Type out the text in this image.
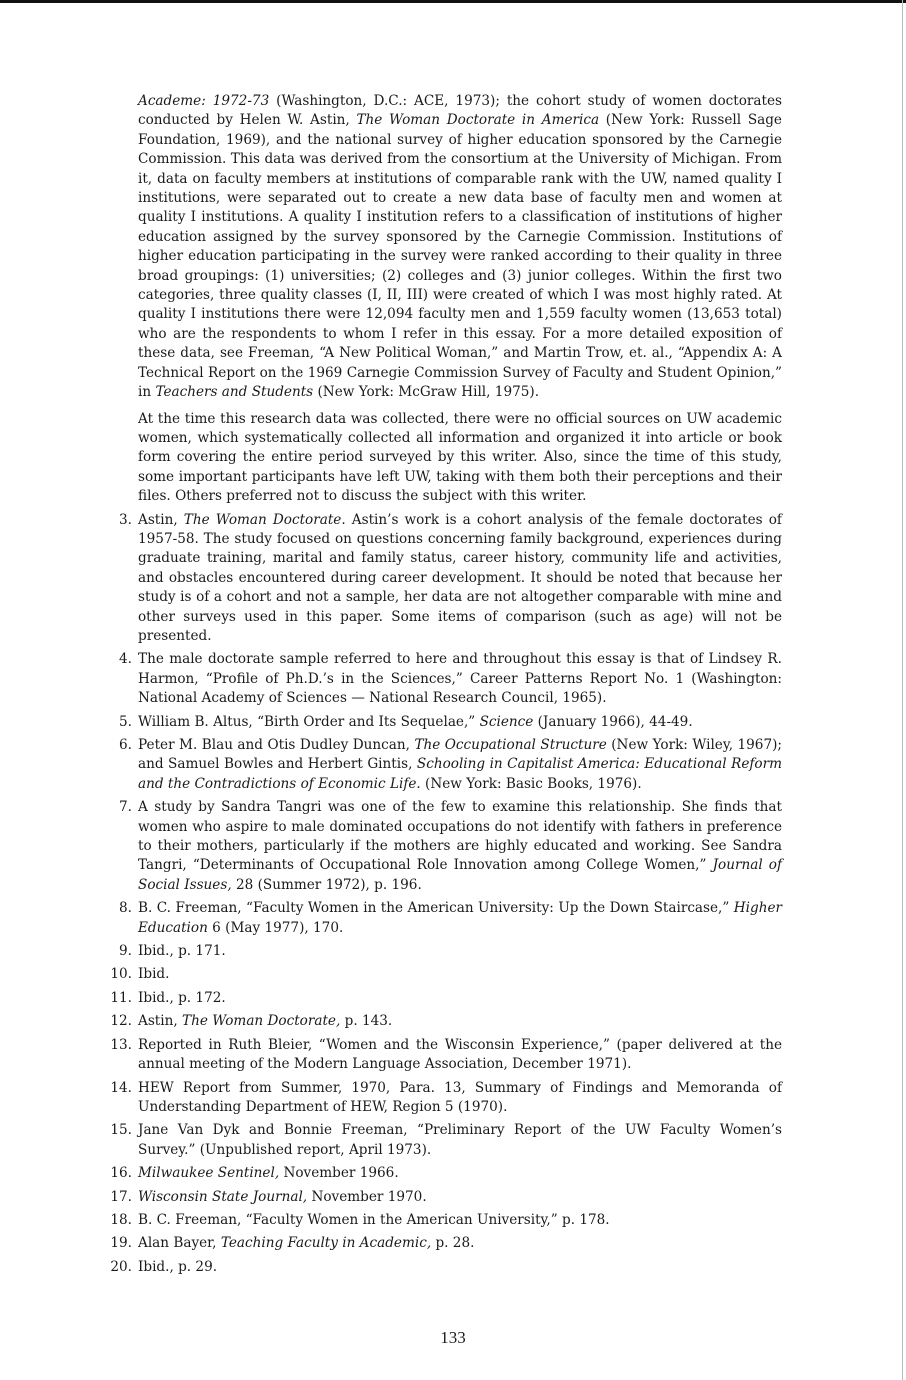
Academe: 1972-73 (Washington, D.C.: ACE, 1973); the cohort study of women doctorates conducted by Helen W. Astin, The Woman Doctorate in America (New York: Russell Sage Foundation, 1969), and the national survey of higher education sponsored by the Carnegie Commission. This data was derived from the consortium at the University of Michigan. From it, data on faculty members at institutions of comparable rank with the UW, named quality I institutions, were separated out to create a new data base of faculty men and women at quality I institutions. A quality I institution refers to a classification of institutions of higher education assigned by the survey sponsored by the Carnegie Commission. Institutions of higher education participating in the survey were ranked according to their quality in three broad groupings: (1) universities; (2) colleges and (3) junior colleges. Within the first two categories, three quality classes (I, II, III) were created of which I was most highly rated. At quality I institutions there were 12,094 faculty men and 1,559 faculty women (13,653 total) who are the respondents to whom I refer in this essay. For a more detailed exposition of these data, see Freeman, “A New Political Woman,” and Martin Trow, et. al., “Appendix A: A Technical Report on the 1969 Carnegie Commission Survey of Faculty and Student Opinion,” in Teachers and Students (New York: McGraw Hill, 1975).

At the time this research data was collected, there were no official sources on UW academic women, which systematically collected all information and organized it into article or book form covering the entire period surveyed by this writer. Also, since the time of this study, some important participants have left UW, taking with them both their perceptions and their files. Others preferred not to discuss the subject with this writer.

3. Astin, The Woman Doctorate. Astin’s work is a cohort analysis of the female doctorates of 1957-58. The study focused on questions concerning family background, experiences during graduate training, marital and family status, career history, community life and activities, and obstacles encountered during career development. It should be noted that because her study is of a cohort and not a sample, her data are not altogether comparable with mine and other surveys used in this paper. Some items of comparison (such as age) will not be presented.
4. The male doctorate sample referred to here and throughout this essay is that of Lindsey R. Harmon, “Profile of Ph.D.’s in the Sciences,” Career Patterns Report No. 1 (Washington: National Academy of Sciences — National Research Council, 1965).
5. William B. Altus, “Birth Order and Its Sequelae,” Science (January 1966), 44-49.
6. Peter M. Blau and Otis Dudley Duncan, The Occupational Structure (New York: Wiley, 1967); and Samuel Bowles and Herbert Gintis, Schooling in Capitalist America: Educational Reform and the Contradictions of Economic Life. (New York: Basic Books, 1976).
7. A study by Sandra Tangri was one of the few to examine this relationship. She finds that women who aspire to male dominated occupations do not identify with fathers in preference to their mothers, particularly if the mothers are highly educated and working. See Sandra Tangri, “Determinants of Occupational Role Innovation among College Women,” Journal of Social Issues, 28 (Summer 1972), p. 196.
8. B. C. Freeman, “Faculty Women in the American University: Up the Down Staircase,” Higher Education 6 (May 1977), 170.
9. Ibid., p. 171.
10. Ibid.
11. Ibid., p. 172.
12. Astin, The Woman Doctorate, p. 143.
13. Reported in Ruth Bleier, “Women and the Wisconsin Experience,” (paper delivered at the annual meeting of the Modern Language Association, December 1971).
14. HEW Report from Summer, 1970, Para. 13, Summary of Findings and Memoranda of Understanding Department of HEW, Region 5 (1970).
15. Jane Van Dyk and Bonnie Freeman, “Preliminary Report of the UW Faculty Women’s Survey.” (Unpublished report, April 1973).
16. Milwaukee Sentinel, November 1966.
17. Wisconsin State Journal, November 1970.
18. B. C. Freeman, “Faculty Women in the American University,” p. 178.
19. Alan Bayer, Teaching Faculty in Academic, p. 28.
20. Ibid., p. 29.
133
